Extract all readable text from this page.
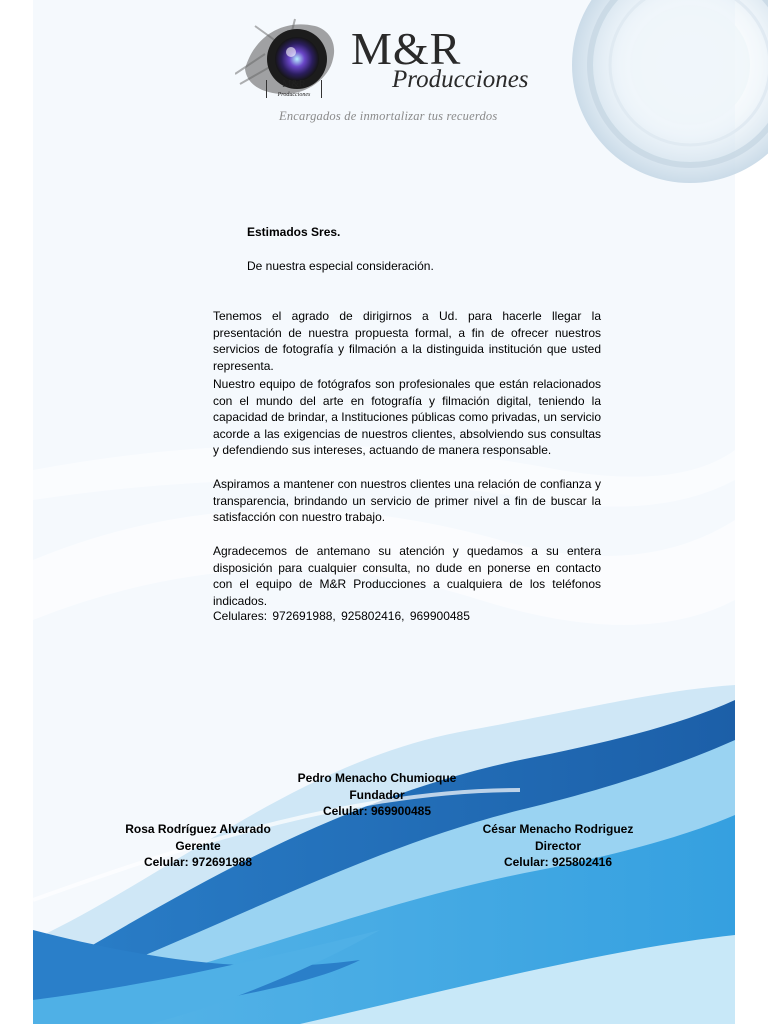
M&R
Producciones
M&R
Producciones
Encargados de inmortalizar tus recuerdos
Estimados Sres.
De nuestra especial consideración.

Tenemos el agrado de dirigirnos a Ud. para hacerle llegar la presentación de nuestra propuesta formal, a fin de ofrecer nuestros servicios de fotografía y filmación a la distinguida institución que usted representa.

Nuestro equipo de fotógrafos son profesionales que están relacionados con el mundo del arte en fotografía y filmación digital, teniendo la capacidad de brindar, a Instituciones públicas como privadas, un servicio acorde a las exigencias de nuestros clientes, absolviendo sus consultas y defendiendo sus intereses, actuando de manera responsable.

Aspiramos a mantener con nuestros clientes una relación de confianza y transparencia, brindando un servicio de primer nivel a fin de buscar la satisfacción con nuestro trabajo.

Agradecemos de antemano su atención y quedamos a su entera disposición para cualquier consulta, no dude en ponerse en contacto con el equipo de M&R Producciones a cualquiera de los teléfonos indicados.

Celulares: 972691988, 925802416, 969900485
Pedro Menacho Chumioque
Fundador
Celular: 969900485
Rosa Rodríguez Alvarado
Gerente
Celular: 972691988
César Menacho Rodriguez
Director
Celular: 925802416
